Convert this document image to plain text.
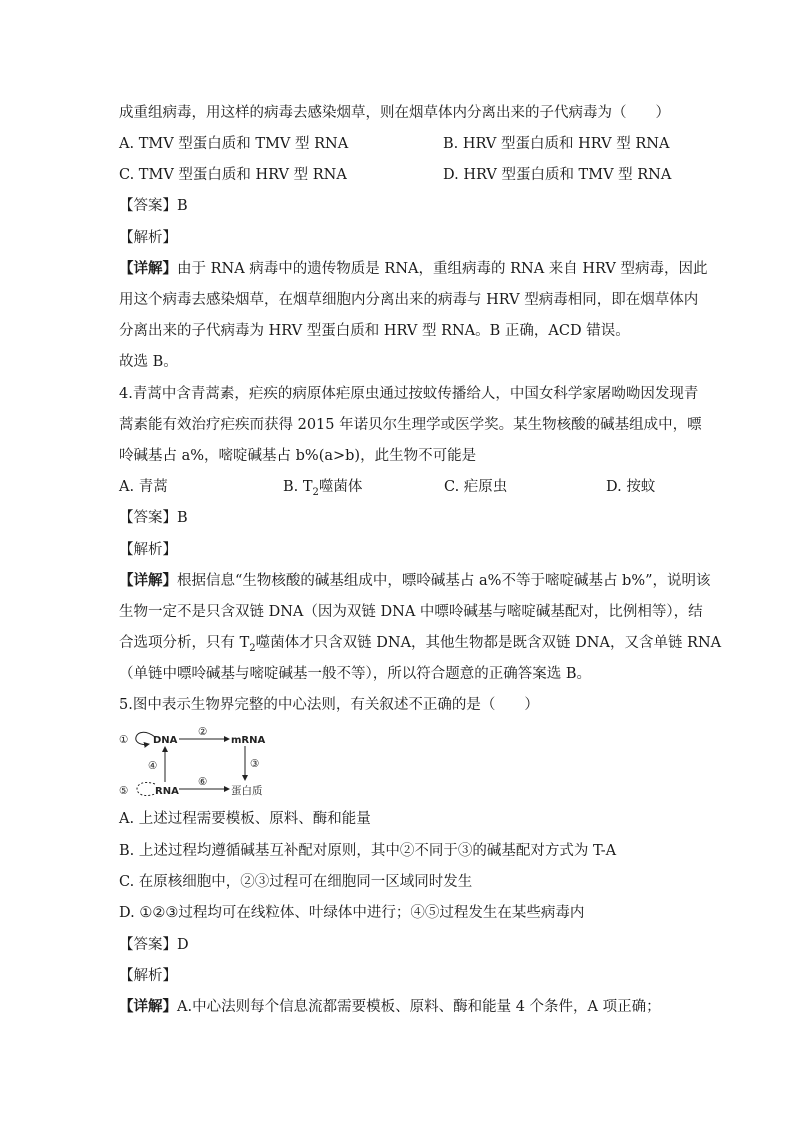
成重组病毒，用这样的病毒去感染烟草，则在烟草体内分离出来的子代病毒为（　　）
A. TMV 型蛋白质和 TMV 型 RNA	B. HRV 型蛋白质和 HRV 型 RNA
C. TMV 型蛋白质和 HRV 型 RNA	D. HRV 型蛋白质和 TMV 型 RNA
【答案】B
【解析】
【详解】由于 RNA 病毒中的遗传物质是 RNA，重组病毒的 RNA 来自 HRV 型病毒，因此
用这个病毒去感染烟草，在烟草细胞内分离出来的病毒与 HRV 型病毒相同，即在烟草体内
分离出来的子代病毒为 HRV 型蛋白质和 HRV 型 RNA。B 正确，ACD 错误。
故选 B。
4.青蒿中含青蒿素，疟疾的病原体疟原虫通过按蚊传播给人，中国女科学家屠呦呦因发现青
蒿素能有效治疗疟疾而获得 2015 年诺贝尔生理学或医学奖。某生物核酸的碱基组成中，嘌
呤碱基占 a%，嘧啶碱基占 b%(a>b)，此生物不可能是
A. 青蒿	B. $T_2$噬菌体	C. 疟原虫	D. 按蚊
【答案】B
【解析】
【详解】根据信息“生物核酸的碱基组成中，嘌呤碱基占 a%不等于嘧啶碱基占 b%”，说明该
生物一定不是只含双链 DNA（因为双链 DNA 中嘌呤碱基与嘧啶碱基配对，比例相等），结
合选项分析，只有 $T_2$噬菌体才只含双链 DNA，其他生物都是既含双链 DNA，又含单链 RNA
（单链中嘌呤碱基与嘧啶碱基一般不等），所以符合题意的正确答案选 B。
5.图中表示生物界完整的中心法则，有关叙述不正确的是（　　）
① DNA
②
mRNA
③
④
⑤	RNA
⑥
蛋白质
A. 上述过程需要模板、原料、酶和能量
B. 上述过程均遵循碱基互补配对原则，其中②不同于③的碱基配对方式为 T-A
C. 在原核细胞中，②③过程可在细胞同一区域同时发生
D. ①②③过程均可在线粒体、叶绿体中进行；④⑤过程发生在某些病毒内
【答案】D
【解析】
【详解】A.中心法则每个信息流都需要模板、原料、酶和能量 4 个条件，A 项正确；
